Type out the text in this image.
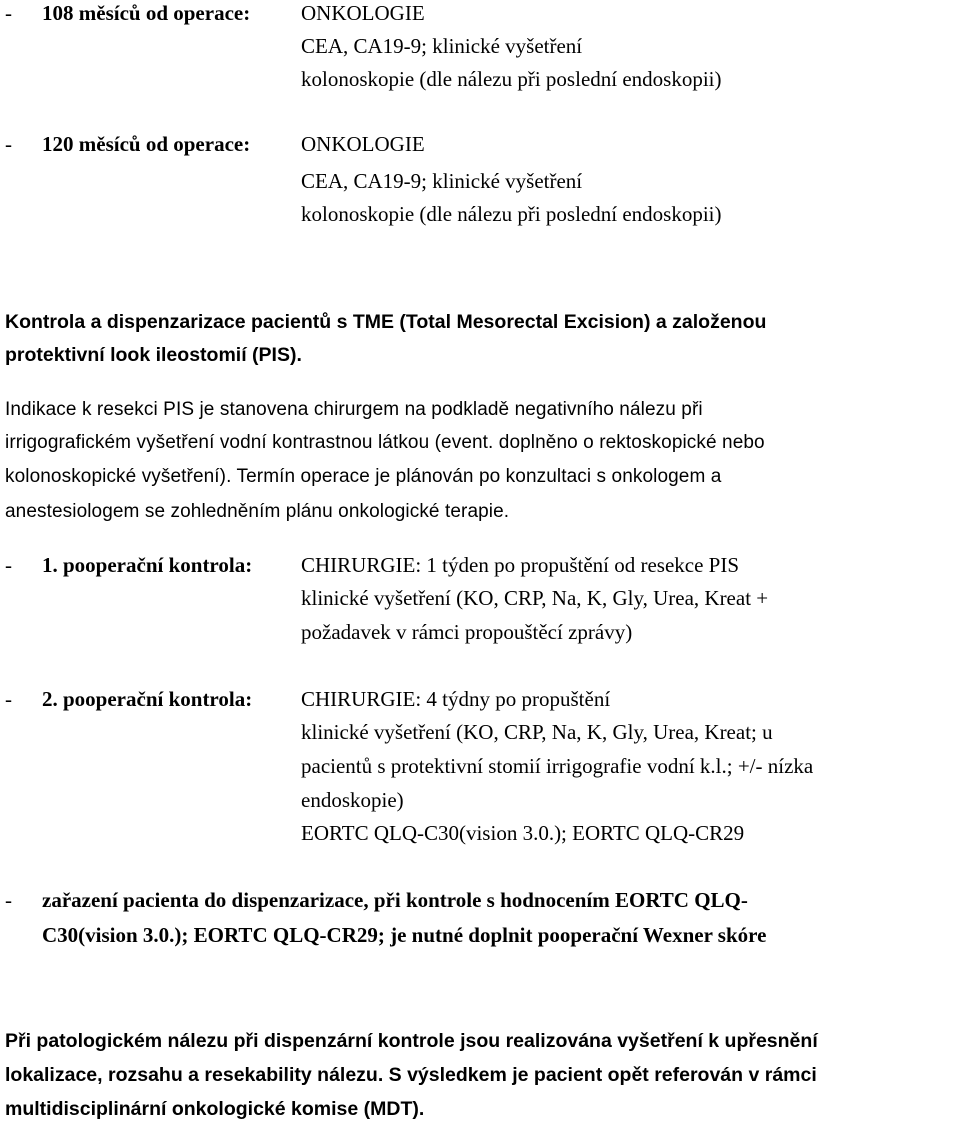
- 108 měsíců od operace: ONKOLOGIE
CEA, CA19-9; klinické vyšetření
kolonoskopie (dle nálezu při poslední endoskopii)
- 120 měsíců od operace: ONKOLOGIE
CEA, CA19-9; klinické vyšetření
kolonoskopie (dle nálezu při poslední endoskopii)
Kontrola a dispenzarizace pacientů s TME (Total Mesorectal Excision) a založenou
protektivní look ileostomií (PIS).
Indikace k resekci PIS je stanovena chirurgem na podkladě negativního nálezu při
irrigografickém vyšetření vodní kontrastnou látkou (event. doplněno o rektoskopické nebo
kolonoskopické vyšetření). Termín operace je plánován po konzultaci s onkologem a
anestesiologem se zohledněním plánu onkologické terapie.
- 1. pooperační kontrola: CHIRURGIE: 1 týden po propuštění od resekce PIS
klinické vyšetření (KO, CRP, Na, K, Gly, Urea, Kreat +
požadavek v rámci propouštěcí zprávy)
- 2. pooperační kontrola: CHIRURGIE: 4 týdny po propuštění
klinické vyšetření (KO, CRP, Na, K, Gly, Urea, Kreat; u
pacientů s protektivní stomií irrigografie vodní k.l.; +/- nízka
endoskopie)
EORTC QLQ-C30(vision 3.0.); EORTC QLQ-CR29
- zařazení pacienta do dispenzarizace, při kontrole s hodnocením EORTC QLQ-
C30(vision 3.0.); EORTC QLQ-CR29; je nutné doplnit pooperační Wexner skóre
Při patologickém nálezu při dispenzární kontrole jsou realizována vyšetření k upřesnění
lokalizace, rozsahu a resekability nálezu. S výsledkem je pacient opět referován v rámci
multidisciplinární onkologické komise (MDT).
